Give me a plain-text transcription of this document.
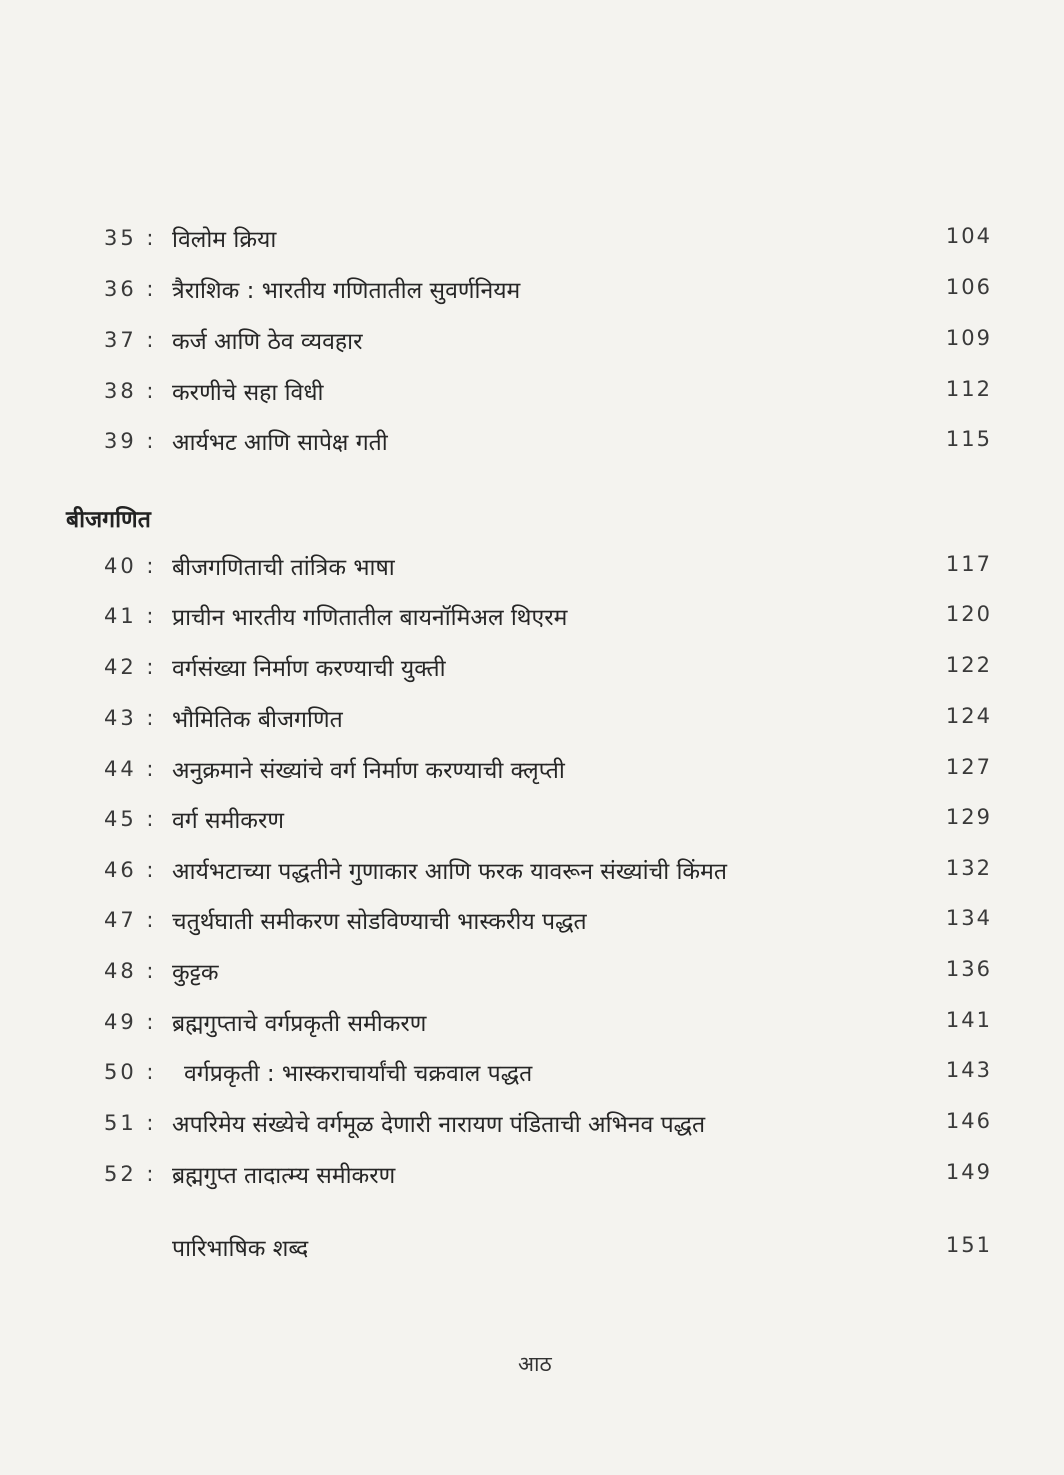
35 : विलोम क्रिया	104
36 : त्रैराशिक : भारतीय गणितातील सुवर्णनियम	106
37 : कर्ज आणि ठेव व्यवहार	109
38 : करणीचे सहा विधी	112
39 : आर्यभट आणि सापेक्ष गती	115
बीजगणित
40 : बीजगणिताची तांत्रिक भाषा	117
41 : प्राचीन भारतीय गणितातील बायनॉमिअल थिएरम	120
42 : वर्गसंख्या निर्माण करण्याची युक्ती	122
43 : भौमितिक बीजगणित	124
44 : अनुक्रमाने संख्यांचे वर्ग निर्माण करण्याची क्लृप्ती	127
45 : वर्ग समीकरण	129
46 : आर्यभटाच्या पद्धतीने गुणाकार आणि फरक यावरून संख्यांची किंमत	132
47 : चतुर्थघाती समीकरण सोडविण्याची भास्करीय पद्धत	134
48 : कुट्टक	136
49 : ब्रह्मगुप्ताचे वर्गप्रकृती समीकरण	141
50 : वर्गप्रकृती : भास्कराचार्यांची चक्रवाल पद्धत	143
51 : अपरिमेय संख्येचे वर्गमूळ देणारी नारायण पंडिताची अभिनव पद्धत	146
52 : ब्रह्मगुप्त तादात्म्य समीकरण	149
पारिभाषिक शब्द	151
आठ
